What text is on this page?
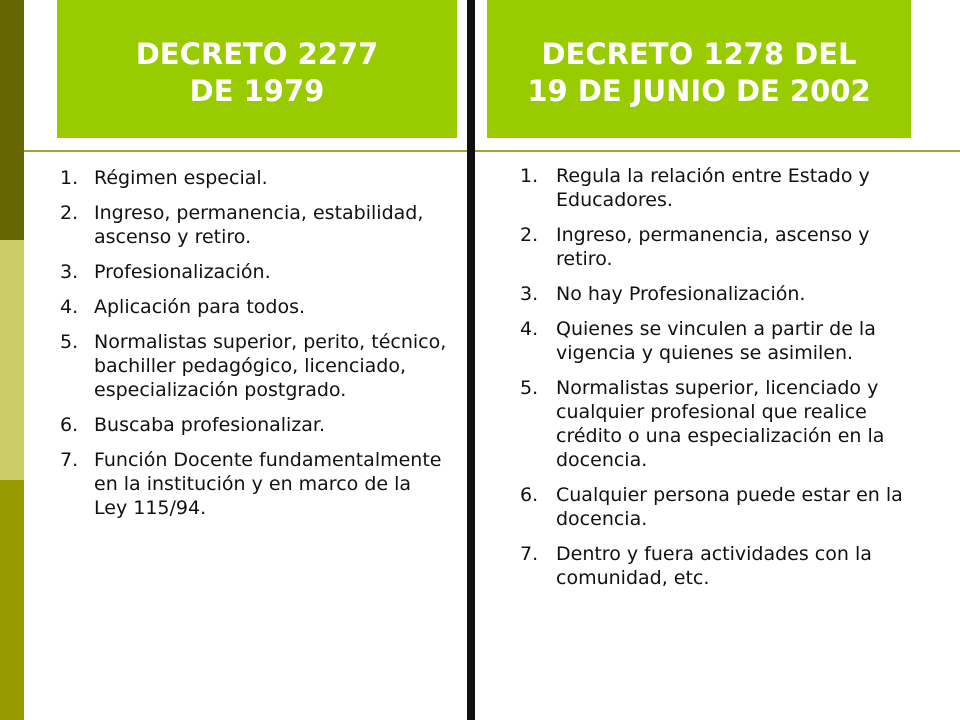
DECRETO 2277
DE 1979
DECRETO 1278 DEL
19 DE JUNIO DE 2002
1. Régimen especial.
2. Ingreso, permanencia, estabilidad, ascenso y retiro.
3. Profesionalización.
4. Aplicación para todos.
5. Normalistas superior, perito, técnico, bachiller pedagógico, licenciado, especialización postgrado.
6. Buscaba profesionalizar.
7. Función Docente fundamentalmente en la institución y en marco de la Ley 115/94.
1. Regula la relación entre Estado y Educadores.
2. Ingreso, permanencia, ascenso y retiro.
3. No hay Profesionalización.
4. Quienes se vinculen a partir de la vigencia y quienes se asimilen.
5. Normalistas superior, licenciado y cualquier profesional que realice crédito o una especialización en la docencia.
6. Cualquier persona puede estar en la docencia.
7. Dentro y fuera actividades con la comunidad, etc.
